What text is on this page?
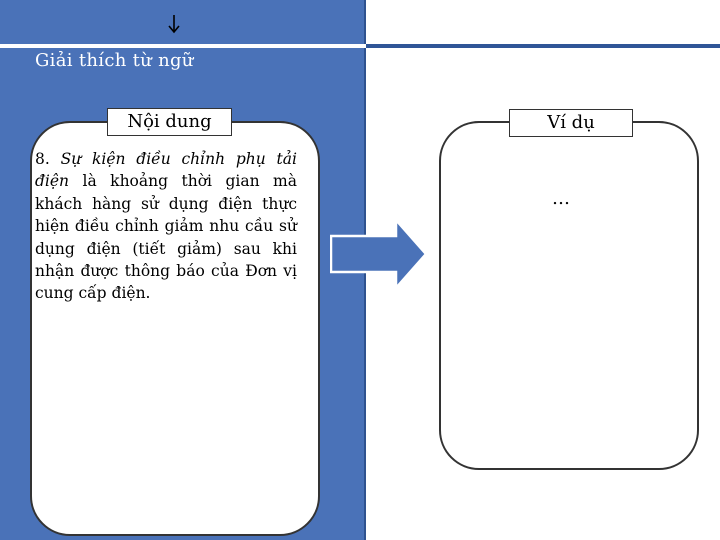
Giải thích từ ngữ
Nội dung
8. Sự kiện điều chỉnh phụ tải điện là khoảng thời gian mà khách hàng sử dụng điện thực hiện điều chỉnh giảm nhu cầu sử dụng điện (tiết giảm) sau khi nhận được thông báo của Đơn vị cung cấp điện.
Ví dụ
…
